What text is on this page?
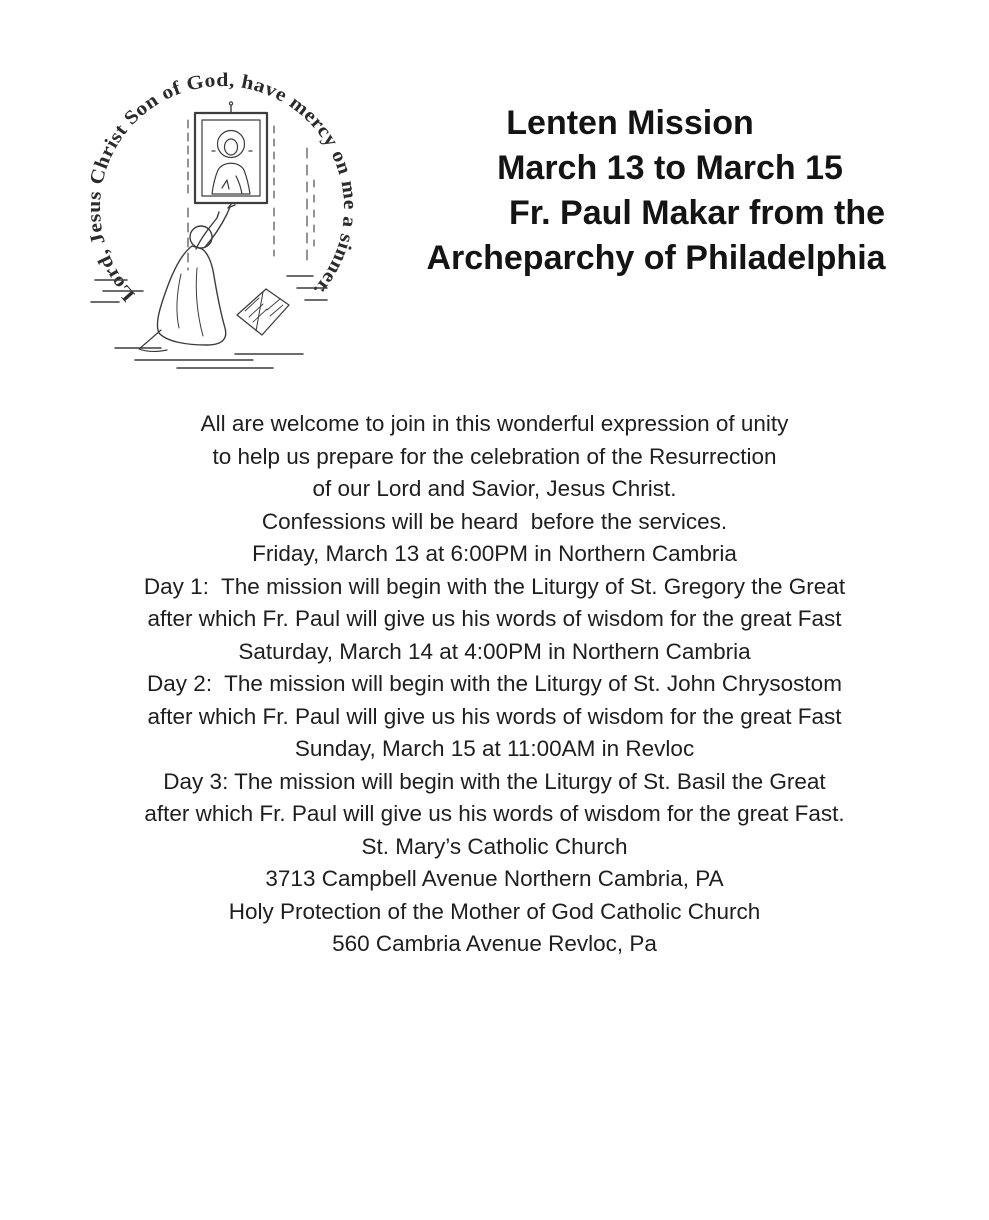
Lord, Jesus Christ Son of God, have mercy on me a sinner.
Lenten Mission
March 13 to March 15
Fr. Paul Makar from the
Archeparchy of Philadelphia

All are welcome to join in this wonderful expression of unity
to help us prepare for the celebration of the Resurrection
of our Lord and Savior, Jesus Christ.

Confessions will be heard  before the services.

Friday, March 13 at 6:00PM in Northern Cambria
Day 1:  The mission will begin with the Liturgy of St. Gregory the Great
after which Fr. Paul will give us his words of wisdom for the great Fast

Saturday, March 14 at 4:00PM in Northern Cambria
Day 2:  The mission will begin with the Liturgy of St. John Chrysostom
after which Fr. Paul will give us his words of wisdom for the great Fast

Sunday, March 15 at 11:00AM in Revloc
Day 3: The mission will begin with the Liturgy of St. Basil the Great
after which Fr. Paul will give us his words of wisdom for the great Fast.

St. Mary’s Catholic Church
3713 Campbell Avenue Northern Cambria, PA

Holy Protection of the Mother of God Catholic Church
560 Cambria Avenue Revloc, Pa
